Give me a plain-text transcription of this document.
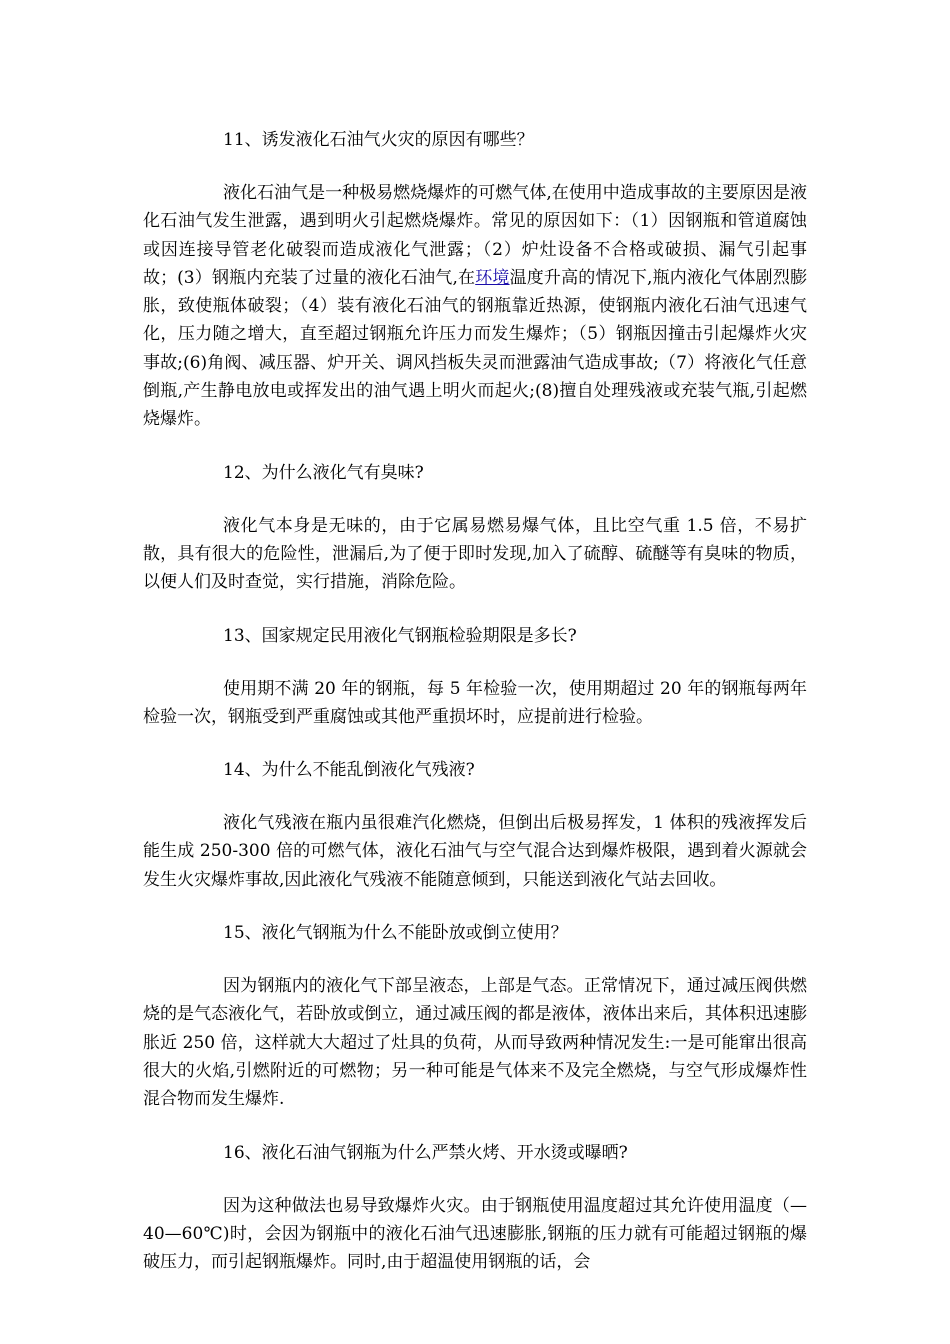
11、诱发液化石油气火灾的原因有哪些？

液化石油气是一种极易燃烧爆炸的可燃气体,在使用中造成事故的主要原因是液化石油气发生泄露，遇到明火引起燃烧爆炸。常见的原因如下：（1）因钢瓶和管道腐蚀或因连接导管老化破裂而造成液化气泄露；（2）炉灶设备不合格或破损、漏气引起事故；(3）钢瓶内充装了过量的液化石油气,在环境温度升高的情况下,瓶内液化气体剧烈膨胀，致使瓶体破裂；（4）装有液化石油气的钢瓶靠近热源，使钢瓶内液化石油气迅速气化，压力随之增大，直至超过钢瓶允许压力而发生爆炸；（5）钢瓶因撞击引起爆炸火灾事故;(6)角阀、减压器、炉开关、调风挡板失灵而泄露油气造成事故;（7）将液化气任意倒瓶,产生静电放电或挥发出的油气遇上明火而起火;(8)擅自处理残液或充装气瓶,引起燃烧爆炸。

12、为什么液化气有臭味?

液化气本身是无味的，由于它属易燃易爆气体，且比空气重 1.5 倍，不易扩散，具有很大的危险性，泄漏后,为了便于即时发现,加入了硫醇、硫醚等有臭味的物质，以便人们及时查觉，实行措施，消除危险。

13、国家规定民用液化气钢瓶检验期限是多长?

使用期不满 20 年的钢瓶，每 5 年检验一次，使用期超过 20 年的钢瓶每两年检验一次，钢瓶受到严重腐蚀或其他严重损坏时，应提前进行检验。

14、为什么不能乱倒液化气残液?

液化气残液在瓶内虽很难汽化燃烧，但倒出后极易挥发，1 体积的残液挥发后能生成 250-300 倍的可燃气体，液化石油气与空气混合达到爆炸极限，遇到着火源就会发生火灾爆炸事故,因此液化气残液不能随意倾到，只能送到液化气站去回收。

15、液化气钢瓶为什么不能卧放或倒立使用？

因为钢瓶内的液化气下部呈液态，上部是气态。正常情况下，通过减压阀供燃烧的是气态液化气，若卧放或倒立，通过减压阀的都是液体，液体出来后，其体积迅速膨胀近 250 倍，这样就大大超过了灶具的负荷，从而导致两种情况发生:一是可能窜出很高很大的火焰,引燃附近的可燃物；另一种可能是气体来不及完全燃烧，与空气形成爆炸性混合物而发生爆炸.

16、液化石油气钢瓶为什么严禁火烤、开水烫或曝晒?

因为这种做法也易导致爆炸火灾。由于钢瓶使用温度超过其允许使用温度（—40—60℃)时，会因为钢瓶中的液化石油气迅速膨胀,钢瓶的压力就有可能超过钢瓶的爆破压力，而引起钢瓶爆炸。同时,由于超温使用钢瓶的话，会
